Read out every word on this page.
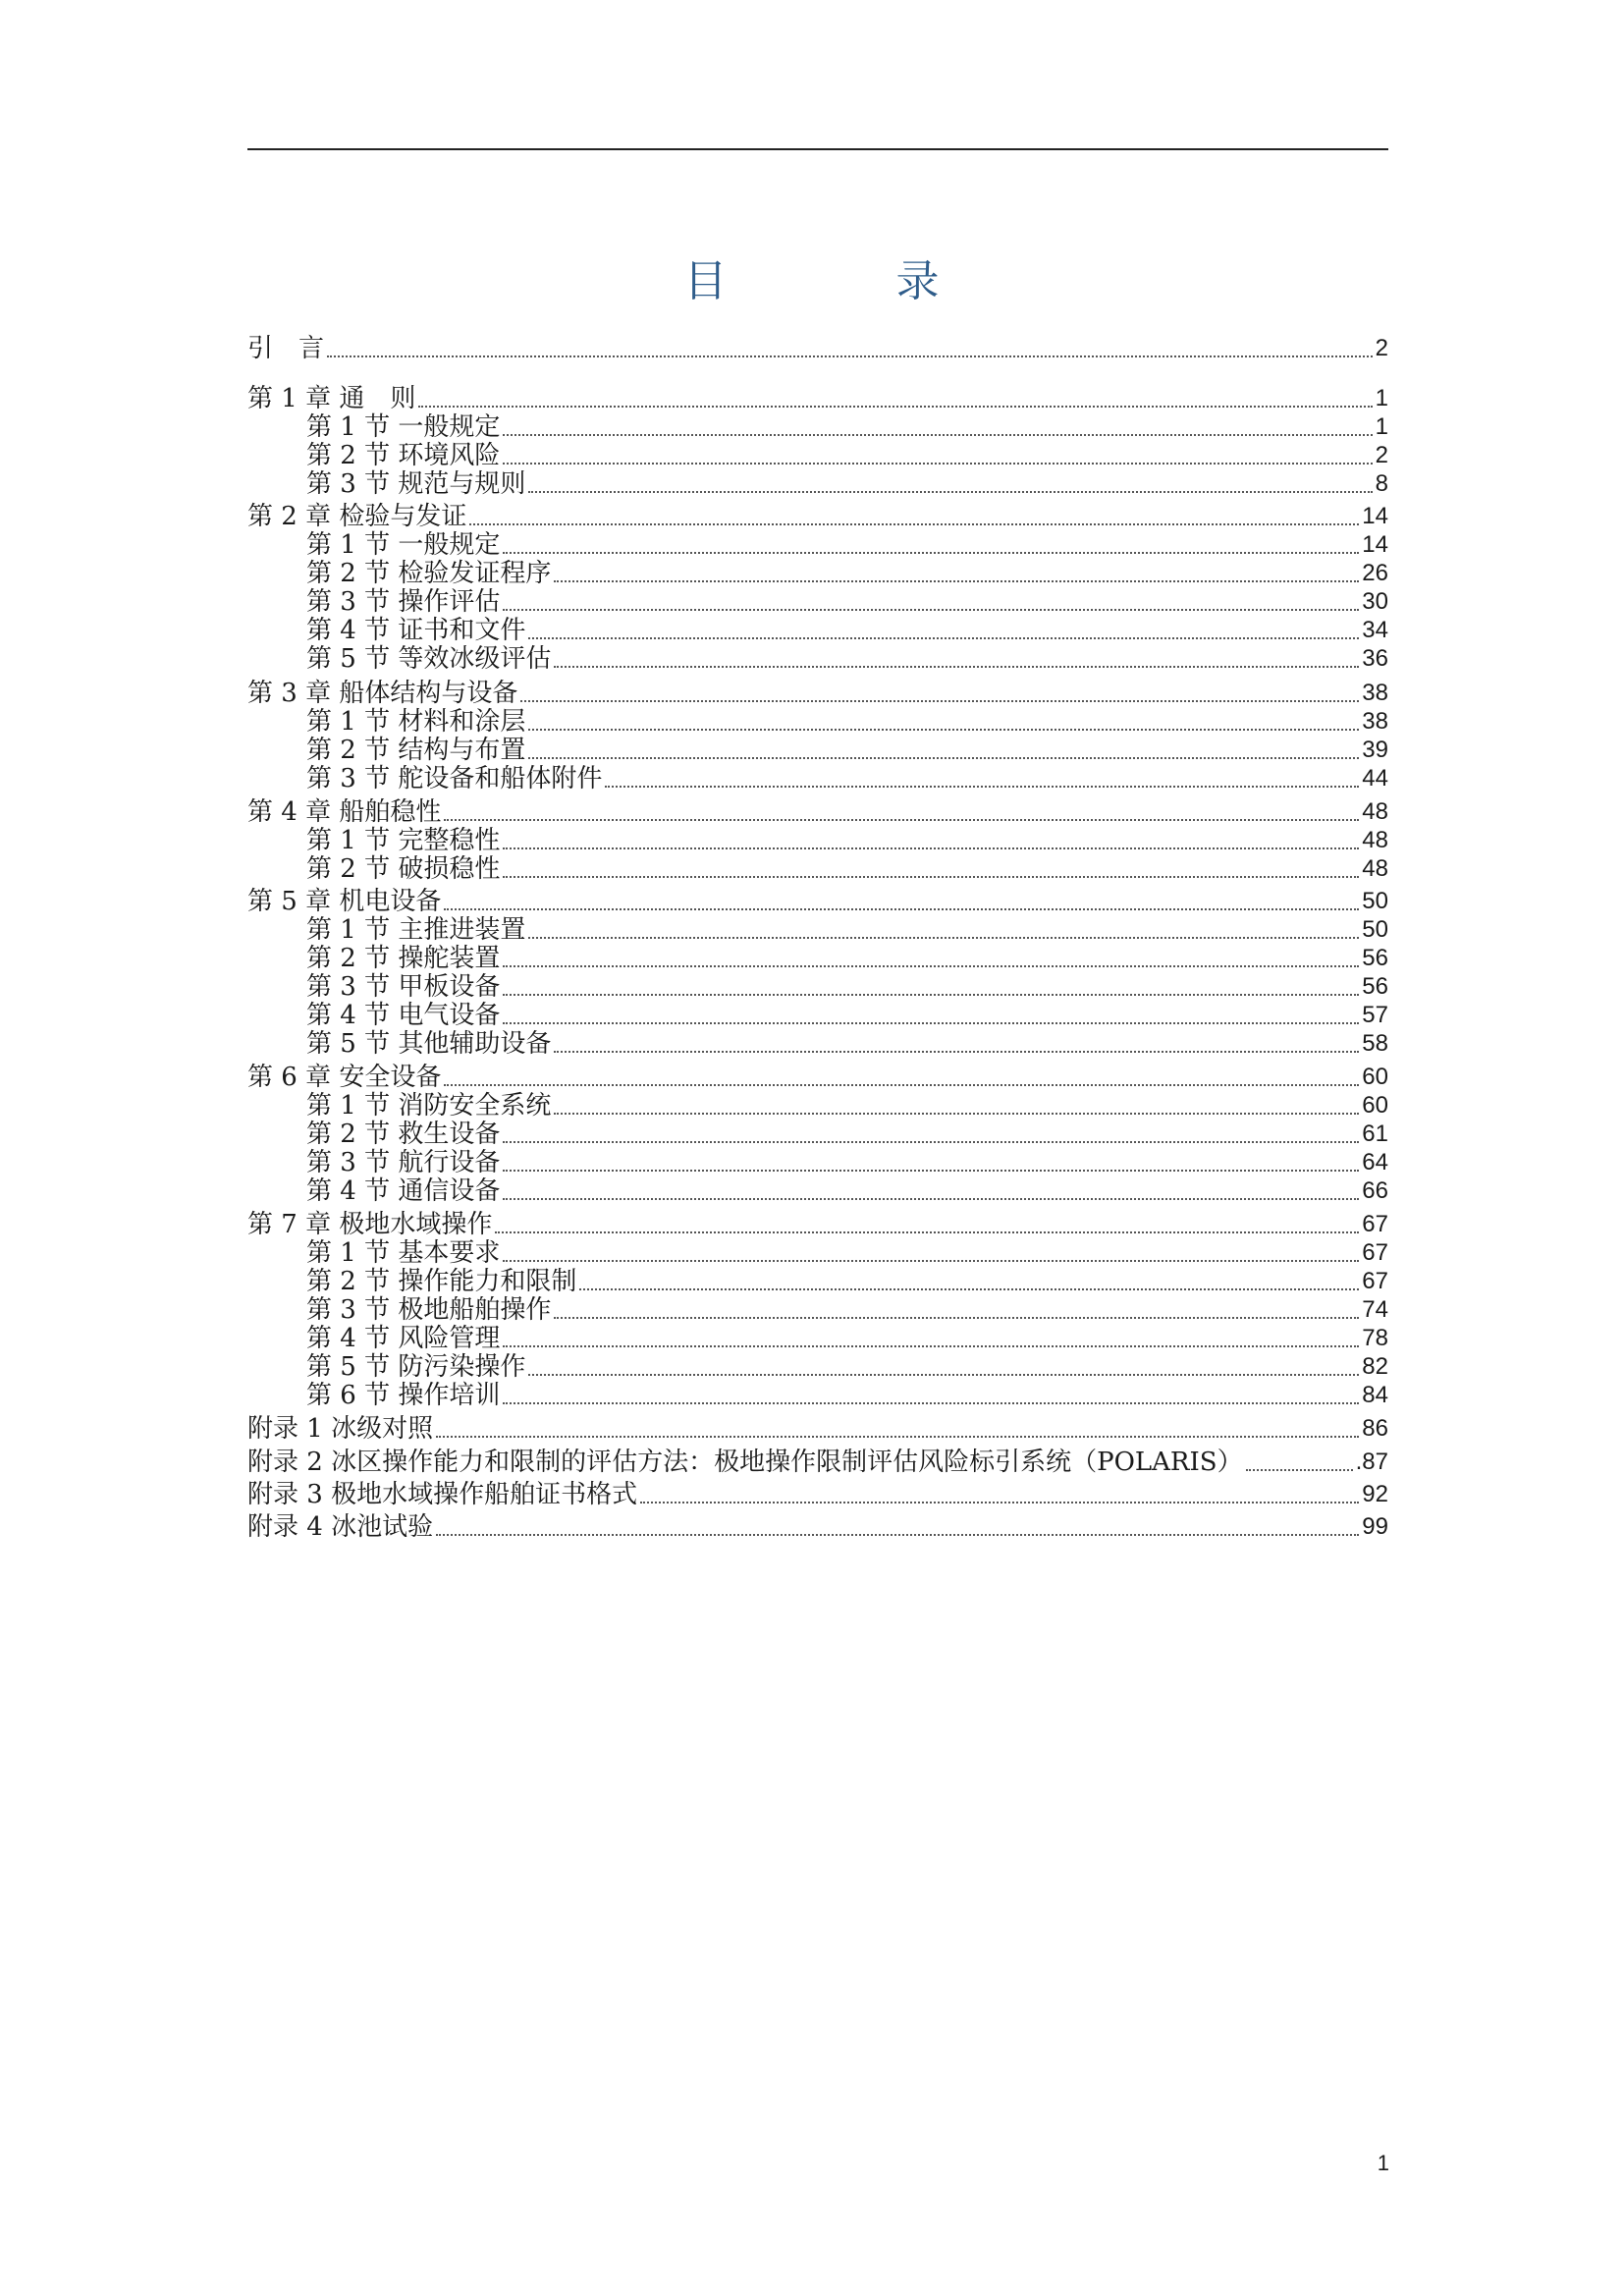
目　录
引　言	2
第 1 章 通　则	1
第 1 节 一般规定	1
第 2 节 环境风险	2
第 3 节 规范与规则	8
第 2 章 检验与发证	14
第 1 节 一般规定	14
第 2 节 检验发证程序	26
第 3 节 操作评估	30
第 4 节 证书和文件	34
第 5 节 等效冰级评估	36
第 3 章 船体结构与设备	38
第 1 节 材料和涂层	38
第 2 节 结构与布置	39
第 3 节 舵设备和船体附件	44
第 4 章 船舶稳性	48
第 1 节 完整稳性	48
第 2 节 破损稳性	48
第 5 章 机电设备	50
第 1 节 主推进装置	50
第 2 节 操舵装置	56
第 3 节 甲板设备	56
第 4 节 电气设备	57
第 5 节 其他辅助设备	58
第 6 章 安全设备	60
第 1 节 消防安全系统	60
第 2 节 救生设备	61
第 3 节 航行设备	64
第 4 节 通信设备	66
第 7 章 极地水域操作	67
第 1 节 基本要求	67
第 2 节 操作能力和限制	67
第 3 节 极地船舶操作	74
第 4 节 风险管理	78
第 5 节 防污染操作	82
第 6 节 操作培训	84
附录 1 冰级对照	86
附录 2 冰区操作能力和限制的评估方法：极地操作限制评估风险标引系统（POLARIS）	.87
附录 3 极地水域操作船舶证书格式	92
附录 4 冰池试验	99
1
